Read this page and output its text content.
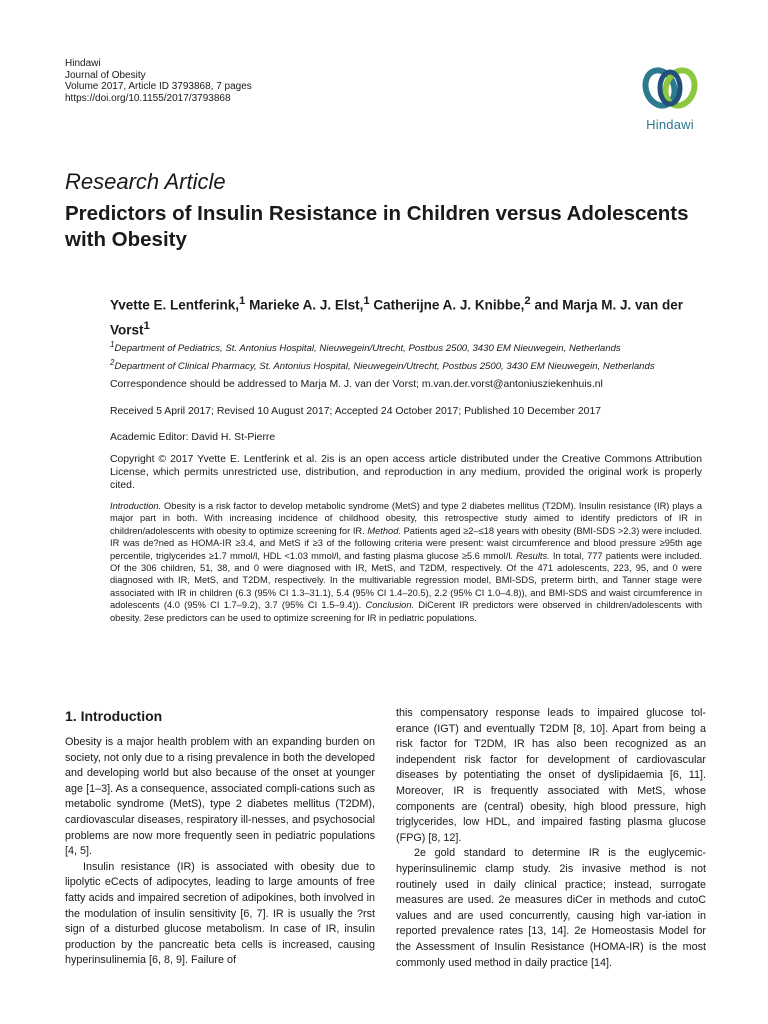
Hindawi
Journal of Obesity
Volume 2017, Article ID 3793868, 7 pages
https://doi.org/10.1155/2017/3793868
Hindawi
Research Article
Predictors of Insulin Resistance in Children versus Adolescents with Obesity
Yvette E. Lentferink,$^1$ Marieke A. J. Elst,$^1$ Catherijne A. J. Knibbe,$^2$ and Marja M. J. van der Vorst$^1$
$^1$Department of Pediatrics, St. Antonius Hospital, Nieuwegein/Utrecht, Postbus 2500, 3430 EM Nieuwegein, Netherlands
$^2$Department of Clinical Pharmacy, St. Antonius Hospital, Nieuwegein/Utrecht, Postbus 2500, 3430 EM Nieuwegein, Netherlands
Correspondence should be addressed to Marja M. J. van der Vorst; m.van.der.vorst@antoniusziekenhuis.nl
Received 5 April 2017; Revised 10 August 2017; Accepted 24 October 2017; Published 10 December 2017
Academic Editor: David H. St-Pierre
Copyright © 2017 Yvette E. Lentferink et al. 2is is an open access article distributed under the Creative Commons Attribution License, which permits unrestricted use, distribution, and reproduction in any medium, provided the original work is properly cited.
Introduction. Obesity is a risk factor to develop metabolic syndrome (MetS) and type 2 diabetes mellitus (T2DM). Insulin resistance (IR) plays a major part in both. With increasing incidence of childhood obesity, this retrospective study aimed to identify predictors of IR in children/adolescents with obesity to optimize screening for IR. Method. Patients aged ≥2–≤18 years with obesity (BMI-SDS >2.3) were included. IR was de?ned as HOMA-IR ≥3.4, and MetS if ≥3 of the following criteria were present: waist circumference and blood pressure ≥95th age percentile, triglycerides ≥1.7 mmol/l, HDL <1.03 mmol/l, and fasting plasma glucose ≥5.6 mmol/l. Results. In total, 777 patients were included. Of the 306 children, 51, 38, and 0 were diagnosed with IR, MetS, and T2DM, respectively. Of the 471 adolescents, 223, 95, and 0 were diagnosed with IR, MetS, and T2DM, respectively. In the multivariable regression model, BMI-SDS, preterm birth, and Tanner stage were associated with IR in children (6.3 (95% CI 1.3–31.1), 5.4 (95% CI 1.4–20.5), 2.2 (95% CI 1.0–4.8)), and BMI-SDS and waist circumference in adolescents (4.0 (95% CI 1.7–9.2), 3.7 (95% CI 1.5–9.4)). Conclusion. DiCerent IR predictors were observed in children/adolescents with obesity. 2ese predictors can be used to optimize screening for IR in pediatric populations.
1. Introduction

Obesity is a major health problem with an expanding burden on society, not only due to a rising prevalence in both the developed and developing world but also because of the onset at younger age [1–3]. As a consequence, associated compli-cations such as metabolic syndrome (MetS), type 2 diabetes mellitus (T2DM), cardiovascular diseases, respiratory ill-nesses, and psychosocial problems are now more frequently seen in pediatric populations [4, 5].

Insulin resistance (IR) is associated with obesity due to lipolytic eCects of adipocytes, leading to large amounts of free fatty acids and impaired secretion of adipokines, both involved in the modulation of insulin sensitivity [6, 7]. IR is usually the ?rst sign of a disturbed glucose metabolism. In case of IR, insulin production by the pancreatic beta cells is increased, causing hyperinsulinemia [6, 8, 9]. Failure of

this compensatory response leads to impaired glucose tol-erance (IGT) and eventually T2DM [8, 10]. Apart from being a risk factor for T2DM, IR has also been recognized as an independent risk factor for development of cardiovascular diseases by potentiating the onset of dyslipidaemia [6, 11]. Moreover, IR is frequently associated with MetS, whose components are (central) obesity, high blood pressure, high triglycerides, low HDL, and impaired fasting plasma glucose (FPG) [8, 12].

2e gold standard to determine IR is the euglycemic-hyperinsulinemic clamp study. 2is invasive method is not routinely used in daily clinical practice; instead, surrogate measures are used. 2e measures diCer in methods and cutoC values and are used concurrently, causing high var-iation in reported prevalence rates [13, 14]. 2e Homeostasis Model for the Assessment of Insulin Resistance (HOMA-IR) is the most commonly used method in daily practice [14].
